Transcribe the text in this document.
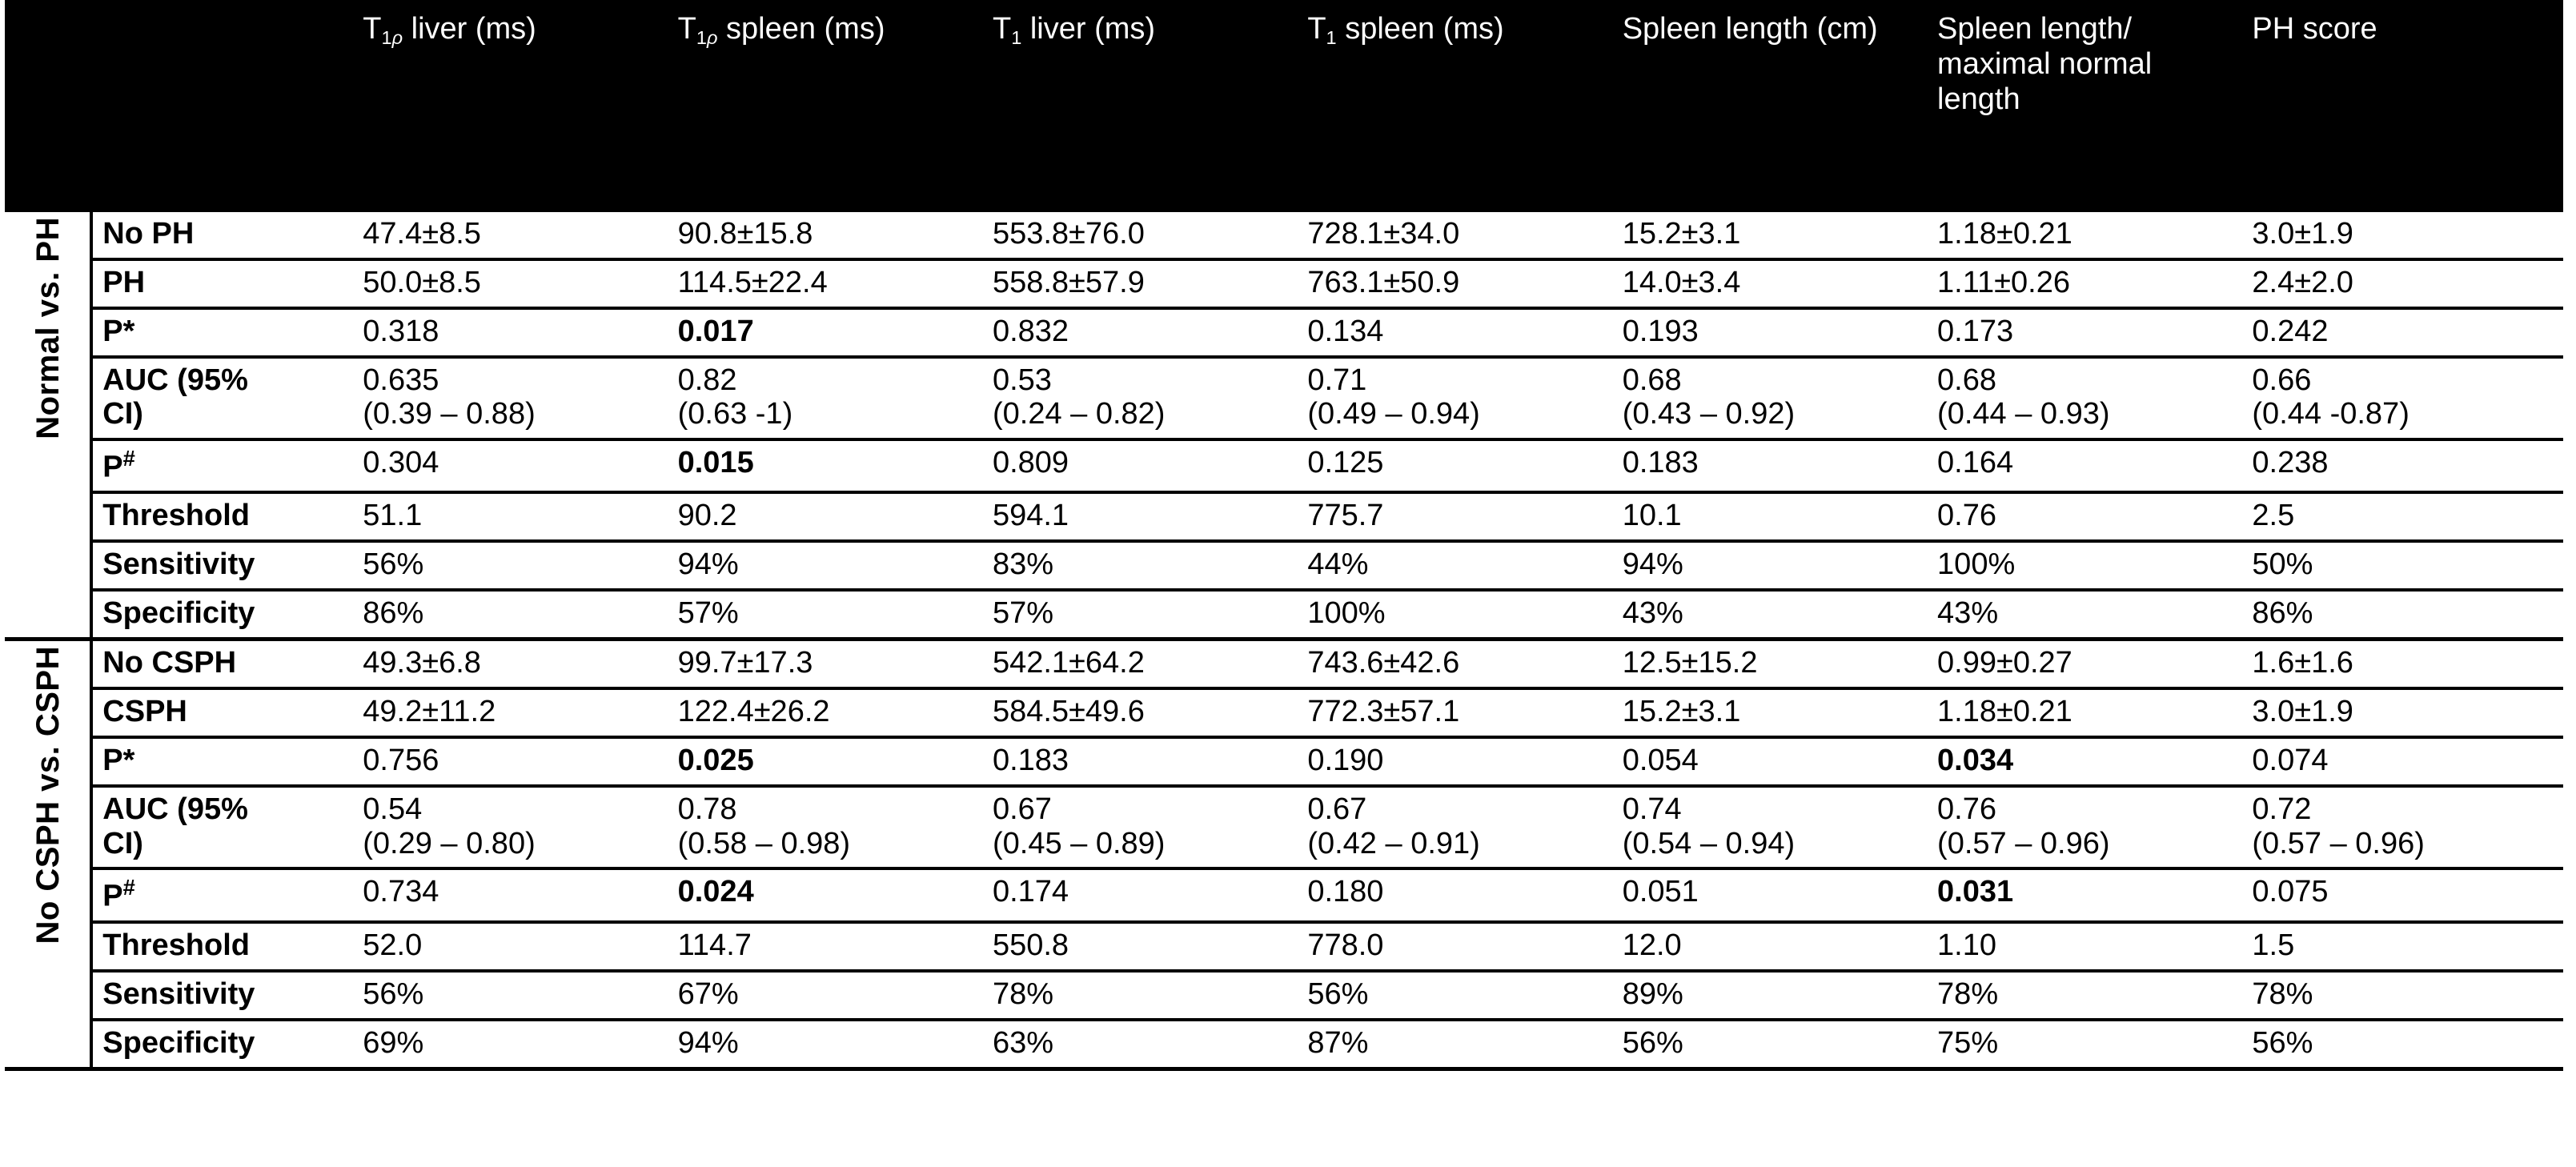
		$T_{1\rho}$ liver (ms)	$T_{1\rho}$ spleen (ms)	$T_1$ liver (ms)	$T_1$ spleen (ms)	Spleen length (cm)	Spleen length/ maximal normal length	PH score
Normal vs. PH	No PH	47.4±8.5	90.8±15.8	553.8±76.0	728.1±34.0	15.2±3.1	1.18±0.21	3.0±1.9

	PH	50.0±8.5	114.5±22.4	558.8±57.9	763.1±50.9	14.0±3.4	1.11±0.26	2.4±2.0

	P*	0.318	0.017	0.832	0.134	0.193	0.173	0.242

	AUC (95%
CI)	0.635
(0.39 – 0.88)	0.82
(0.63 -1)	0.53
(0.24 – 0.82)	0.71
(0.49 – 0.94)	0.68
(0.43 – 0.92)	0.68
(0.44 – 0.93)	0.66
(0.44 -0.87)

	P#	0.304	0.015	0.809	0.125	0.183	0.164	0.238

	Threshold	51.1	90.2	594.1	775.7	10.1	0.76	2.5

	Sensitivity	56%	94%	83%	44%	94%	100%	50%

	Specificity	86%	57%	57%	100%	43%	43%	86%

No CSPH vs. CSPH	No CSPH	49.3±6.8	99.7±17.3	542.1±64.2	743.6±42.6	12.5±15.2	0.99±0.27	1.6±1.6

	CSPH	49.2±11.2	122.4±26.2	584.5±49.6	772.3±57.1	15.2±3.1	1.18±0.21	3.0±1.9

	P*	0.756	0.025	0.183	0.190	0.054	0.034	0.074

	AUC (95%
CI)	0.54
(0.29 – 0.80)	0.78
(0.58 – 0.98)	0.67
(0.45 – 0.89)	0.67
(0.42 – 0.91)	0.74
(0.54 – 0.94)	0.76
(0.57 – 0.96)	0.72
(0.57 – 0.96)

	P#	0.734	0.024	0.174	0.180	0.051	0.031	0.075

	Threshold	52.0	114.7	550.8	778.0	12.0	1.10	1.5

	Sensitivity	56%	67%	78%	56%	89%	78%	78%

	Specificity	69%	94%	63%	87%	56%	75%	56%
